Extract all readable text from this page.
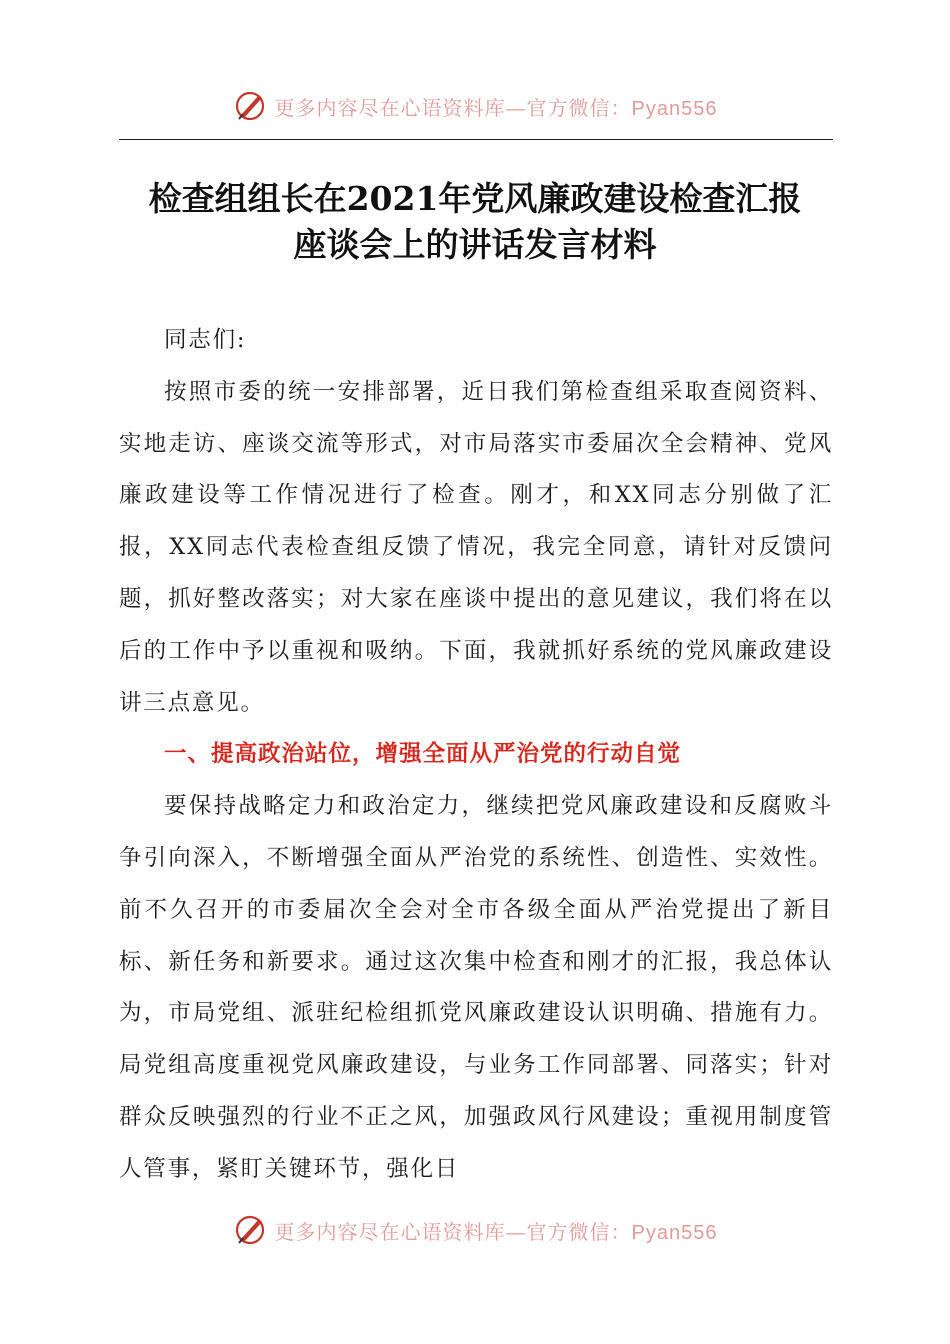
更多内容尽在心语资料库—官方微信：Pyan556
检查组组长在2021年党风廉政建设检查汇报
座谈会上的讲话发言材料

同志们:

按照市委的统一安排部署，近日我们第检查组采取查阅资料、实地走访、座谈交流等形式，对市局落实市委届次全会精神、党风廉政建设等工作情况进行了检查。刚才，和XX同志分别做了汇报，XX同志代表检查组反馈了情况，我完全同意，请针对反馈问题，抓好整改落实；对大家在座谈中提出的意见建议，我们将在以后的工作中予以重视和吸纳。下面，我就抓好系统的党风廉政建设讲三点意见。

一、提高政治站位，增强全面从严治党的行动自觉

要保持战略定力和政治定力，继续把党风廉政建设和反腐败斗争引向深入，不断增强全面从严治党的系统性、创造性、实效性。前不久召开的市委届次全会对全市各级全面从严治党提出了新目标、新任务和新要求。通过这次集中检查和刚才的汇报，我总体认为，市局党组、派驻纪检组抓党风廉政建设认识明确、措施有力。局党组高度重视党风廉政建设，与业务工作同部署、同落实；针对群众反映强烈的行业不正之风，加强政风行风建设；重视用制度管人管事，紧盯关键环节，强化日

更多内容尽在心语资料库—官方微信：Pyan556
